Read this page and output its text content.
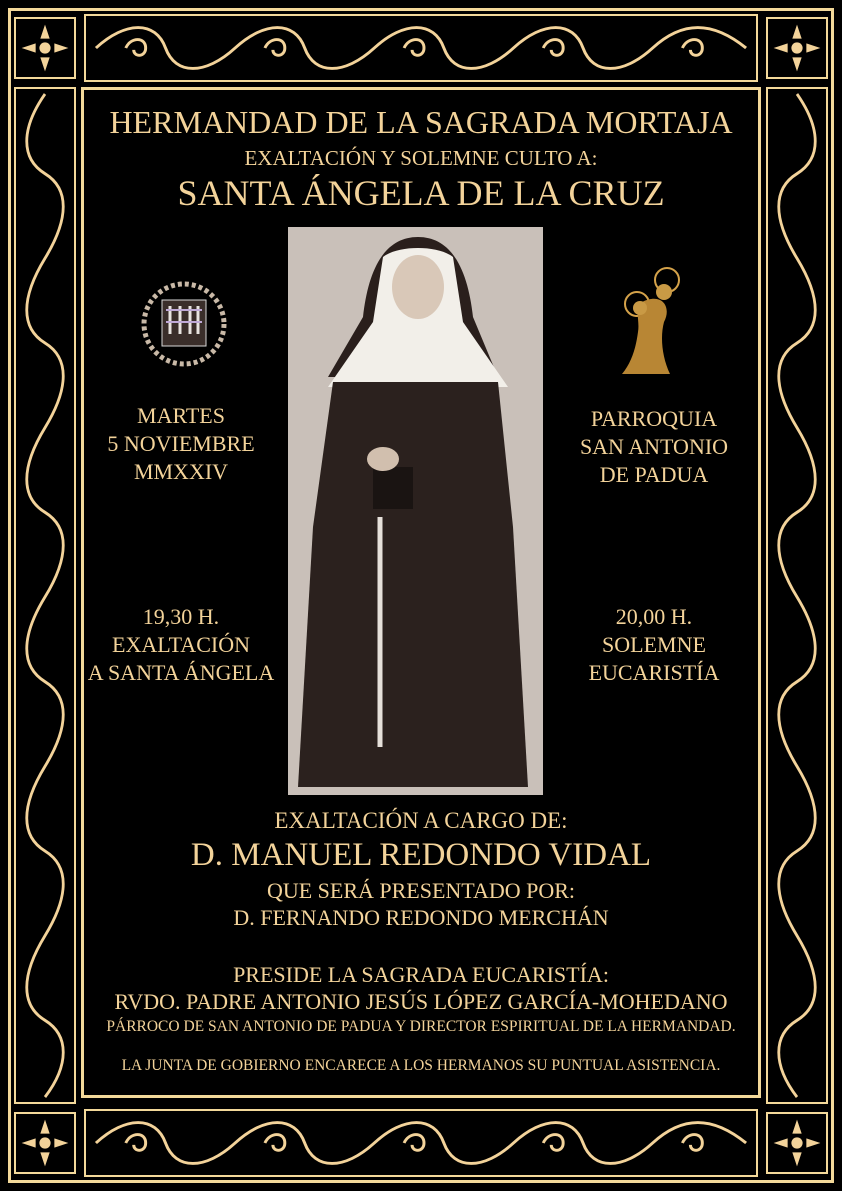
HERMANDAD DE LA SAGRADA MORTAJA
EXALTACIÓN Y SOLEMNE CULTO A:
SANTA ÁNGELA DE LA CRUZ
MARTES
5 NOVIEMBRE
MMXXIV
19,30 H.
EXALTACIÓN
A SANTA ÁNGELA
PARROQUIA
SAN ANTONIO
DE PADUA
20,00 H.
SOLEMNE
EUCARISTÍA
EXALTACIÓN A CARGO DE:
D. MANUEL REDONDO VIDAL
QUE SERÁ PRESENTADO POR:
D. FERNANDO REDONDO MERCHÁN
PRESIDE LA SAGRADA EUCARISTÍA:
RVDO. PADRE ANTONIO JESÚS LÓPEZ GARCÍA-MOHEDANO
PÁRROCO DE SAN ANTONIO DE PADUA Y DIRECTOR ESPIRITUAL DE LA HERMANDAD.
LA JUNTA DE GOBIERNO ENCARECE A LOS HERMANOS SU PUNTUAL ASISTENCIA.
